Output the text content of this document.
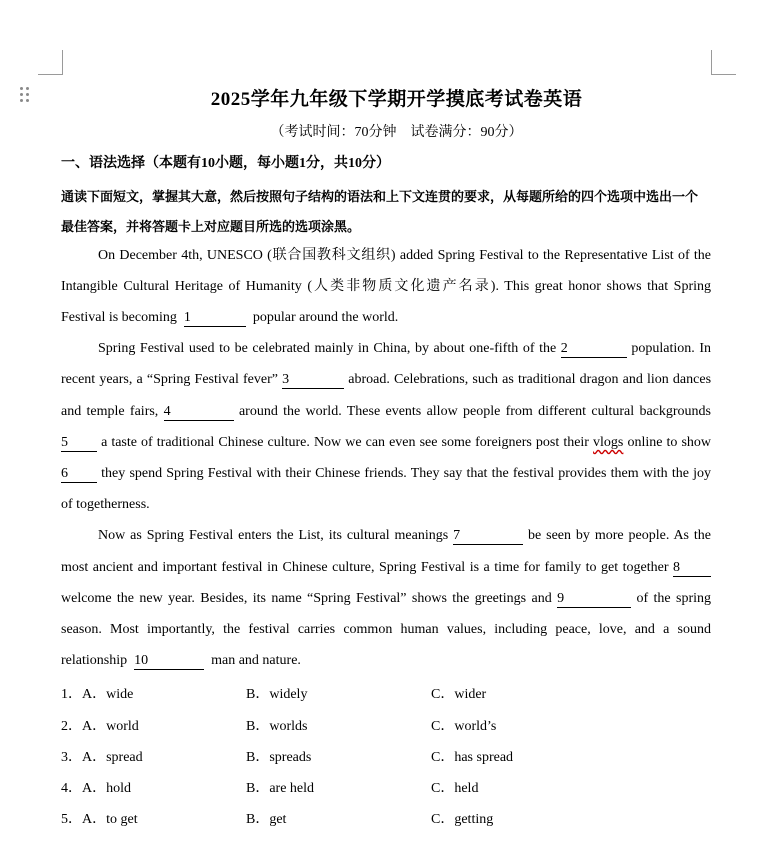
2025学年九年级下学期开学摸底考试卷英语
（考试时间：70分钟　试卷满分：90分）
一、语法选择（本题有10小题，每小题1分，共10分）
通读下面短文，掌握其大意，然后按照句子结构的语法和上下文连贯的要求，从每题所给的四个选项中选出一个
最佳答案，并将答题卡上对应题目所选的选项涂黑。
On December 4th, UNESCO (联合国教科文组织) added Spring Festival to the Representative List of the
Intangible Cultural Heritage of Humanity (人类非物质文化遗产名录). This great honor shows that Spring
Festival is becoming 1	popular around the world.
Spring Festival used to be celebrated mainly in China, by about one-fifth of the 2	population. In
recent years, a “Spring Festival fever” 3	abroad. Celebrations, such as traditional dragon and lion dances
and temple fairs, 4	around the world. These events allow people from different cultural backgrounds
5 a taste of traditional Chinese culture. Now we can even see some foreigners post their vlogs online to show
6 they spend Spring Festival with their Chinese friends. They say that the festival provides them with the joy
of togetherness.
Now as Spring Festival enters the List, its cultural meanings 7	be seen by more people. As the
most ancient and important festival in Chinese culture, Spring Festival is a time for family to get together 8
welcome the new year. Besides, its name “Spring Festival” shows the greetings and 9	of the spring
season. Most importantly, the festival carries common human values, including peace, love, and a sound
relationship 10	man and nature.
1． A．wide	B．widely	C．wider
2． A．world	B．worlds	C．world’s
3． A．spread	B．spreads	C．has spread
4． A．hold	B．are held	C．held
5． A．to get	B．get	C．getting
